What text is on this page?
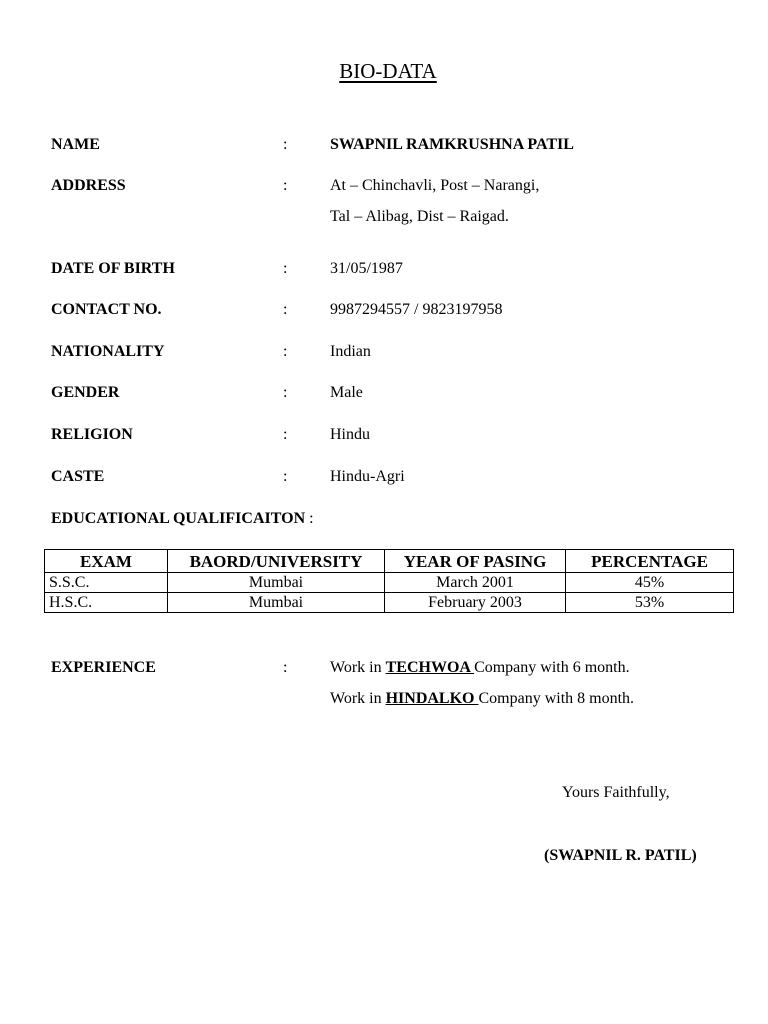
BIO-DATA
NAME	:	SWAPNIL RAMKRUSHNA PATIL
ADDRESS	:	At – Chinchavli, Post – Narangi,
Tal – Alibag, Dist – Raigad.
DATE OF BIRTH	:	31/05/1987
CONTACT NO.	:	9987294557 / 9823197958
NATIONALITY	:	Indian
GENDER	:	Male
RELIGION	:	Hindu
CASTE	:	Hindu-Agri
EDUCATIONAL QUALIFICAITON :
EXAM	BAORD/UNIVERSITY	YEAR OF PASING	PERCENTAGE
S.S.C.	Mumbai	March 2001	45%
H.S.C.	Mumbai	February 2003	53%
EXPERIENCE	:	Work in TECHWOA Company with 6 month.
Work in HINDALKO Company with 8 month.
Yours Faithfully,
(SWAPNIL R. PATIL)
